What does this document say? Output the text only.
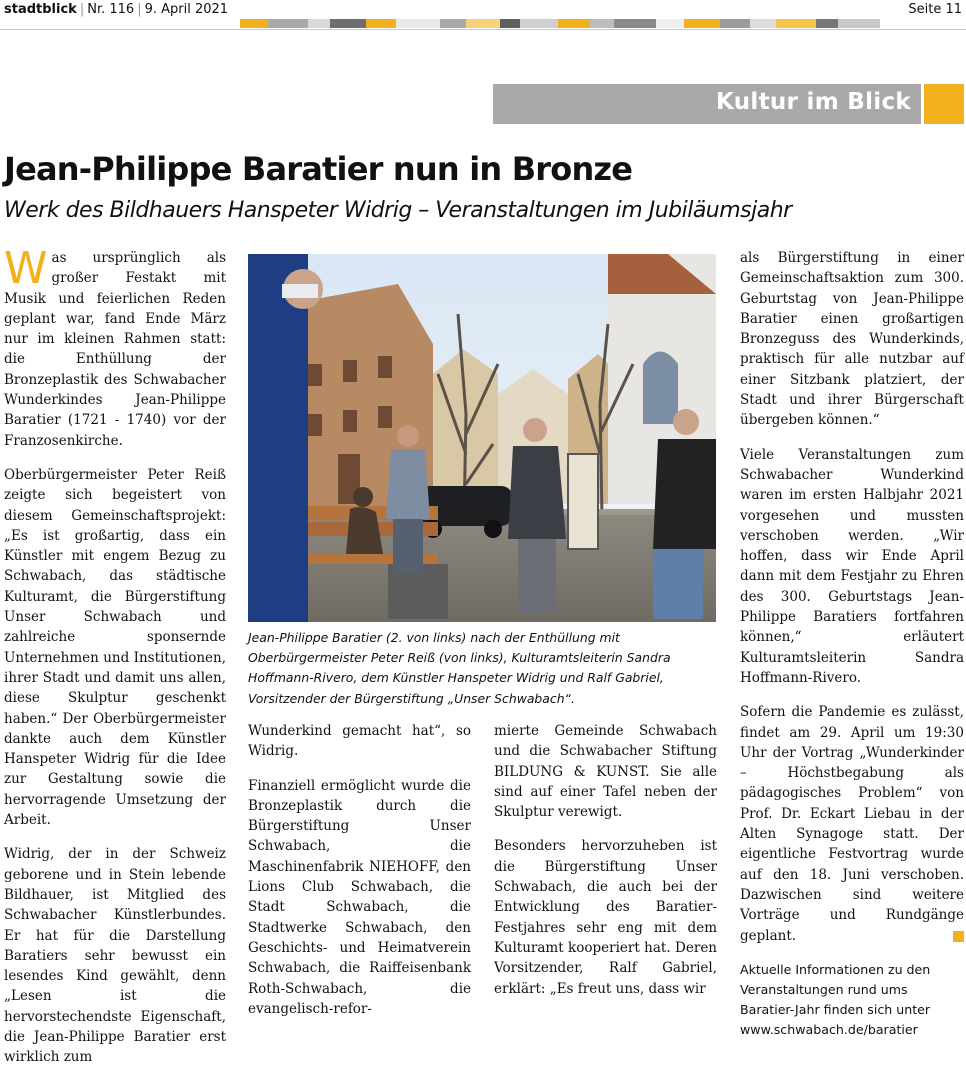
stadtblick | Nr. 116 | 9. April 2021	Seite 11
Kultur im Blick
Jean-Philippe Baratier nun in Bronze
Werk des Bildhauers Hanspeter Widrig – Veranstaltungen im Jubiläumsjahr

Was ursprünglich als großer Festakt mit Musik und feierlichen Reden geplant war, fand Ende März nur im kleinen Rahmen statt: die Enthüllung der Bronzeplastik des Schwabacher Wunderkindes Jean-Philippe Baratier (1721 - 1740) vor der Franzosenkirche.

Oberbürgermeister Peter Reiß zeigte sich begeistert von diesem Gemeinschaftsprojekt: „Es ist großartig, dass ein Künstler mit engem Bezug zu Schwabach, das städtische Kulturamt, die Bürgerstiftung Unser Schwabach und zahlreiche sponsernde Unternehmen und Institutionen, ihrer Stadt und damit uns allen, diese Skulptur geschenkt haben.“ Der Oberbürgermeister dankte auch dem Künstler Hanspeter Widrig für die Idee zur Gestaltung sowie die hervorragende Umsetzung der Arbeit.

Widrig, der in der Schweiz geborene und in Stein lebende Bildhauer, ist Mitglied des Schwabacher Künstlerbundes. Er hat für die Darstellung Baratiers sehr bewusst ein lesendes Kind gewählt, denn „Lesen ist die hervorstechendste Eigenschaft, die Jean-Philippe Baratier erst wirklich zum

Jean-Philippe Baratier (2. von links) nach der Enthüllung mit Oberbürgermeister Peter Reiß (von links), Kulturamtsleiterin Sandra Hoffmann-Rivero, dem Künstler Hanspeter Widrig und Ralf Gabriel, Vorsitzender der Bürgerstiftung „Unser Schwabach“.

Wunderkind gemacht hat“, so Widrig.

Finanziell ermöglicht wurde die Bronzeplastik durch die Bürgerstiftung Unser Schwabach, die Maschinenfabrik NIEHOFF, den Lions Club Schwabach, die Stadt Schwabach, die Stadtwerke Schwabach, den Geschichts- und Heimatverein Schwabach, die Raiffeisenbank Roth-Schwabach, die evangelisch-refor-

mierte Gemeinde Schwabach und die Schwabacher Stiftung BILDUNG & KUNST. Sie alle sind auf einer Tafel neben der Skulptur verewigt.

Besonders hervorzuheben ist die Bürgerstiftung Unser Schwabach, die auch bei der Entwicklung des Baratier-Festjahres sehr eng mit dem Kulturamt kooperiert hat. Deren Vorsitzender, Ralf Gabriel, erklärt: „Es freut uns, dass wir

als Bürgerstiftung in einer Gemeinschaftsaktion zum 300. Geburtstag von Jean-Philippe Baratier einen großartigen Bronzeguss des Wunderkinds, praktisch für alle nutzbar auf einer Sitzbank platziert, der Stadt und ihrer Bürgerschaft übergeben können.“

Viele Veranstaltungen zum Schwabacher Wunderkind waren im ersten Halbjahr 2021 vorgesehen und mussten verschoben werden. „Wir hoffen, dass wir Ende April dann mit dem Festjahr zu Ehren des 300. Geburtstags Jean-Philippe Baratiers fortfahren können,“ erläutert Kulturamtsleiterin Sandra Hoffmann-Rivero.

Sofern die Pandemie es zulässt, findet am 29. April um 19:30 Uhr der Vortrag „Wunderkinder – Höchstbegabung als pädagogisches Problem“ von Prof. Dr. Eckart Liebau in der Alten Synagoge statt. Der eigentliche Festvortrag wurde auf den 18. Juni verschoben. Dazwischen sind weitere Vorträge und Rundgänge geplant.

Aktuelle Informationen zu den Veranstaltungen rund ums Baratier-Jahr finden sich unter www.schwabach.de/baratier
